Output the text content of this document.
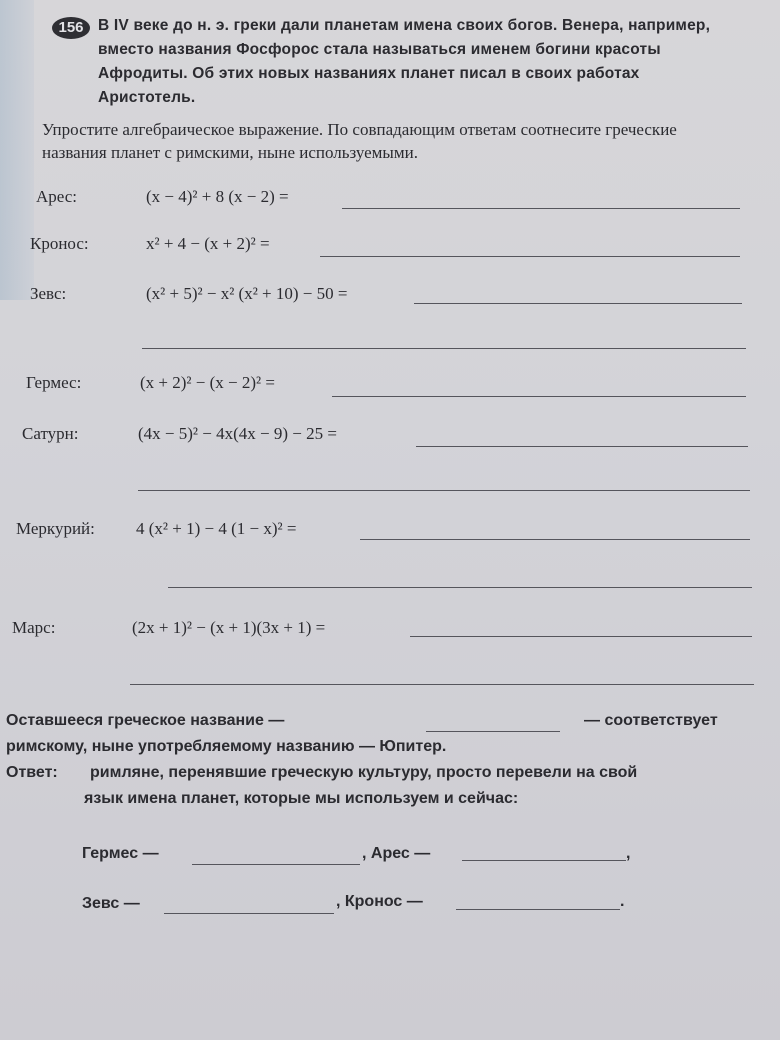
156 В IV веке до н. э. греки дали планетам имена своих богов. Венера, например, вместо названия Фосфорос стала называться именем богини красоты Афродиты. Об этих новых названиях планет писал в своих работах Аристотель.
Упростите алгебраическое выражение. По совпадающим ответам соотнесите греческие названия планет с римскими, ныне используемыми.
Арес:	(x − 4)² + 8 (x − 2) =
Кронос:	x² + 4 − (x + 2)² =
Зевс:	(x² + 5)² − x² (x² + 10) − 50 =
Гермес:	(x + 2)² − (x − 2)² =
Сатурн:	(4x − 5)² − 4x(4x − 9) − 25 =
Меркурий: 4 (x² + 1) − 4 (1 − x)² =
Марс:	(2x + 1)² − (x + 1)(3x + 1) =
Оставшееся греческое название —	— соответствует
римскому, ныне употребляемому названию — Юпитер.
Ответ: римляне, перенявшие греческую культуру, просто перевели на свой
язык имена планет, которые мы используем и сейчас:
Гермес —	, Арес —	,
Зевс —	, Кронос —	.
